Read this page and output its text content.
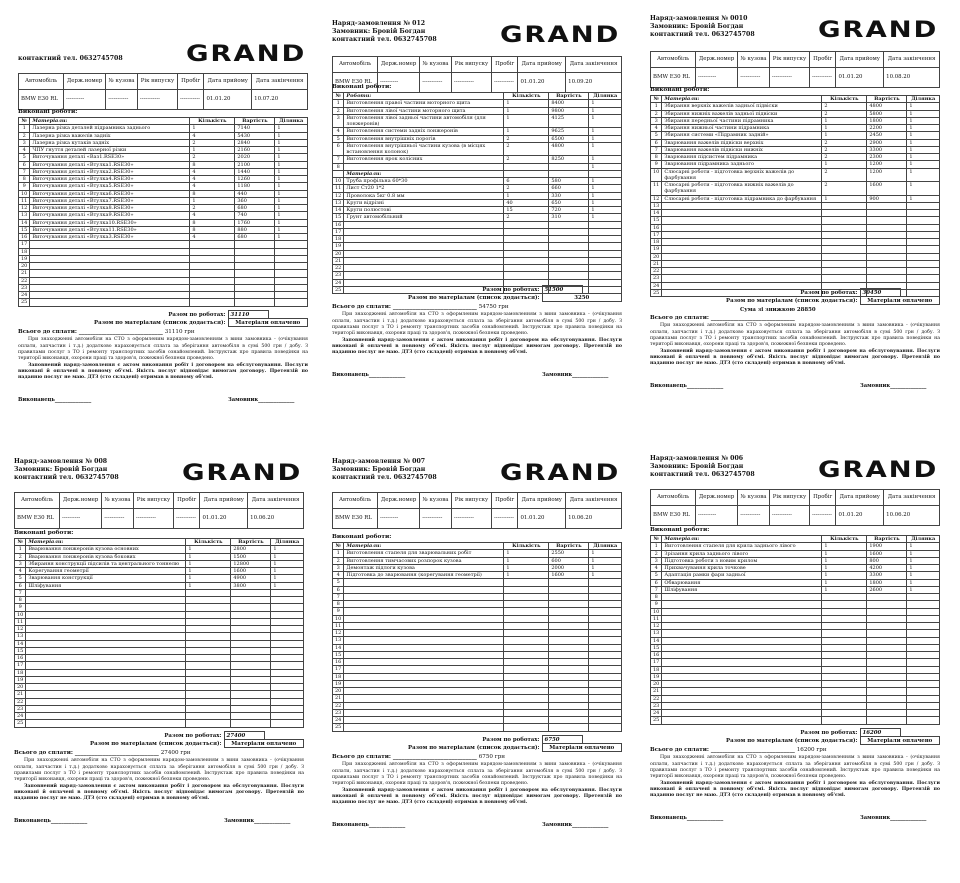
контактний тел. 0632745708	GRAND
Автомобіль	Держ.номер	№ кузова	Рік випуску	Пробіг	Дата прийому	Дата закінчення
BMW E30 RL	----------	-----------	-----------	-----------	01.01.20	10.07.20
Виконані роботи:
№	Матеріали:	Кількість	Вартість	Ділянка
1	Лазерна різка деталей підрамника заднього	1	7140	1
2	Лазерна різка важелів задніх	4	5430	1
3	Лазерна різка кутаків задніх	2	2840	1
4	ЧПУ гнуття деталей лазерної різки	1	2160	1
5	Виточування деталі «Ваз1.RSE30»	2	2020	1
6	Виточування деталі «Втулка1.RSE30»	8	2100	1
7	Виточування деталі «Втулка2.RSE30»	4	1440	1
8	Виточування деталі «Втулка4.RSE30»	4	1260	1
9	Виточування деталі «Втулка5.RSE30»	4	1180	1
10	Виточування деталі «Втулка6.RSE30»	8	440	1
11	Виточування деталі «Втулка7.RSE30»	1	360	1
12	Виточування деталі «Втулка8.RSE30»	2	680	1
13	Виточування деталі «Втулка9.RSE30»	4	740	1
14	Виточування деталі «Втулка10.RSE30»	8	1760	1
15	Виточування деталі «Втулка11.RSE30»	8	880	1
16	Виточування деталі «Втулка3.RSE30»	4	680	1
17				
18				
19				
20				
21				
22				
23				
24				
25				
Разом по роботах:	31110	
Разом по матеріалам (список додається):	Матеріали оплачено	
Всього до сплати: ______________________________ 31110 грн

При знаходженні автомобіля на СТО з оформленим нарядом-замовленням з вини замовника - (очікування оплати, запчастин і т.д.) додатково нараховується сплата за зберігання автомобіля в сумі 500 грн / добу. З правилами послуг з ТО і ремонту транспортних засобів ознайомлений. Інструктаж про правила поведінки на території виконавця, охорони праці та здоров'я, пожежної безпеки проведено.

Заповнений наряд-замовлення є актом виконання робіт і договором на обслуговування. Послуги виконані й оплачені в повному об'ємі. Якість послуг відповідає вимогам договору. Претензій по наданню послуг не маю. ДТЗ (сто складені) отримав в повному об'ємі.

Виконавець______________	Замовник______________
Наряд-замовлення № 012
Замовник: Бровій Богдан
контактний тел. 0632745708	GRAND
Автомобіль	Держ.номер	№ кузова	Рік випуску	Пробіг	Дата прийому	Дата закінчення
BMW E30 RL	----------	-----------	-----------	-----------	01.01.20	10.09.20
Виконані роботи:
№	Роботи:	Кількість	Вартість	Ділянка
1	Виготовлення правої частини моторного щита	1	8400	1
2	Виготовлення лівої частини моторного щита	1	9800	1
3	Виготовлення лівої задньої частини автомобіля (для лонжеронів)	1	4125	1
4	Виготовлення системи задніх лонжеронів	1	9625	1
5	Виготовлення внутрішніх порогів	2	6500	1
6	Виготовлення внутрішньої частини кузова (в місцях встановлення колонок)	2	4800	1
7	Виготовлення ярок колісних	2	8250	1
8				1
	Матеріали:			
10	Труба профільна 60*30	6	580	1
11	Лист Ст20 1*2	2	660	1
12	Проволока 5кг 0.8 мм	1	330	1
13	Круги відрізні	40	650	1
14	Круги полюстові	15	720	1
15	Ґрунт автомобільний	2	310	1
16				
17				
18				
19				
20				
21				
22				
23				
24				
25					Разом по роботах:	51500	
Разом по матеріалам (список додається):	3250	
Всього до сплати: ______________________________ 54750 грн

При знаходженні автомобіля на СТО з оформленим нарядом-замовленням з вини замовника - (очікування оплати, запчастин і т.д.) додатково нараховується сплата за зберігання автомобіля в сумі 500 грн / добу. З правилами послуг з ТО і ремонту транспортних засобів ознайомлений. Інструктаж про правила поведінки на території виконавця, охорони праці та здоров'я, пожежної безпеки проведено.

Заповнений наряд-замовлення є актом виконання робіт і договором на обслуговування. Послуги виконані й оплачені в повному об'ємі. Якість послуг відповідає вимогам договору. Претензій по наданню послуг не маю. ДТЗ (сто складені) отримав в повному об'ємі.

Виконавець______________	Замовник______________
Наряд-замовлення № 0010
Замовник: Бровій Богдан
контактний тел. 0632745708	GRAND
Автомобіль	Держ.номер	№ кузова	Рік випуску	Пробіг	Дата прийому	Дата закінчення
BMW E30 RL	----------	-----------	-----------	-----------	01.01.20	10.08.20
Виконані роботи:
№	Матеріали:	Кількість	Вартість	Ділянка
1	Збирання верхніх важелів задньої підвіски	2	4800	1
2	Збирання нижніх важелів задньої підвіски	2	5800	1
3	Збирання передньої частини підрамника	1	1800	1
4	Збирання нижньої частини підрамника	1	2200	1
5	Збирання системи «Підрамник задній»	1	2450	1
6	Зварювання важелів підвіски верхніх	2	2900	1
7	Зварювання важелів підвіски нижніх	2	3300	1
8	Зварювання підсистем підрамника	2	2300	1
9	Зварювання підрамника заднього	1	1200	1
10	Слюсарні роботи - підготовка верхніх важелів до фарбування	2	1200	1
11	Слюсарні роботи - підготовка нижніх важелів до фарбування	2	1600	1
12	Слюсарні роботи - підготовка підрамника до фарбування	1	900	1
13				
14				
15				
16				
17				
18				
19				
20				
21				
22				
23				
24				
25					Разом по роботах:	30450	
Разом по матеріалам (список додається):	Матеріали оплачено	
Сума зі знижкою 28850
Всього до сплати: ______________________________

При знаходженні автомобіля на СТО з оформленим нарядом-замовленням з вини замовника - (очікування оплати, запчастин і т.д.) додатково нараховується сплата за зберігання автомобіля в сумі 500 грн / добу. З правилами послуг з ТО і ремонту транспортних засобів ознайомлений. Інструктаж про правила поведінки на території виконавця, охорони праці та здоров'я, пожежної безпеки проведено.

Заповнений наряд-замовлення є актом виконання робіт і договором на обслуговування. Послуги виконані й оплачені в повному об'ємі. Якість послуг відповідає вимогам договору. Претензій по наданню послуг не маю. ДТЗ (сто складені) отримав в повному об'ємі.

Виконавець______________	Замовник______________
Наряд-замовлення № 008
Замовник: Бровій Богдан
контактний тел. 0632745708	GRAND
Автомобіль	Держ.номер	№ кузова	Рік випуску	Пробіг	Дата прийому	Дата закінчення
BMW E30 RL	----------	-----------	-----------	-----------	01.01.20	10.06.20
Виконані роботи:
№	Матеріали:	Кількість	Вартість	Ділянка
1	Вварювання лонжеронів кузова основних	1	2800	1
2	Вварювання лонжеронів кузова бокових	1	1500	1
3	Збирання конструкції підсилів та центрального тоннелю	1	12800	1
4	Корегування геометрії	1	1600	1
5	Зварювання конструкції	1	4900	1
6	Шліфування	1	3800	1
7				
8				
9				
10				
11				
12				
13				
14				
15				
16				
17				
18				
19				
20				
21				
22				
23				
24				
25				
Разом по роботах:	27400	
Разом по матеріалам (список додається):	Матеріали оплачено	
Всього до сплати: ______________________________ 27400 грн

При знаходженні автомобіля на СТО з оформленим нарядом-замовленням з вини замовника - (очікування оплати, запчастин і т.д.) додатково нараховується сплата за зберігання автомобіля в сумі 500 грн / добу. З правилами послуг з ТО і ремонту транспортних засобів ознайомлений. Інструктаж про правила поведінки на території виконавця, охорони праці та здоров'я, пожежної безпеки проведено.

Заповнений наряд-замовлення є актом виконання робіт і договором на обслуговування. Послуги виконані й оплачені в повному об'ємі. Якість послуг відповідає вимогам договору. Претензій по наданню послуг не маю. ДТЗ (сто складені) отримав в повному об'ємі.

Виконавець______________	Замовник______________
Наряд-замовлення № 007
Замовник: Бровій Богдан
контактний тел. 0632745708	GRAND
Автомобіль	Держ.номер	№ кузова	Рік випуску	Пробіг	Дата прийому	Дата закінчення
BMW E30 RL	----------	-----------	-----------	-----------	01.01.20	10.06.20
Виконані роботи:
№	Матеріали:	Кількість	Вартість	Ділянка
1	Виготовлення стапеля для зварювальних робіт	1	2550	1
2	Виготовлення тимчасових розпорок кузова	1	600	1
3	Демонтаж підлоги кузова	1	2000	1
4	Підготовка до зварювання (корегування геометрії)	1	1600	1
5				
6				
7				
8				
9				
10				
11				
12				
13				
14				
15				
16				
17				
18				
19				
20				
21				
22				
23				
24				
25				
Разом по роботах:	6750	
Разом по матеріалам (список додається):	Матеріали оплачено	
Всього до сплати: ______________________________ 6750 грн

При знаходженні автомобіля на СТО з оформленим нарядом-замовленням з вини замовника - (очікування оплати, запчастин і т.д.) додатково нараховується сплата за зберігання автомобіля в сумі 500 грн / добу. З правилами послуг з ТО і ремонту транспортних засобів ознайомлений. Інструктаж про правила поведінки на території виконавця, охорони праці та здоров'я, пожежної безпеки проведено.

Заповнений наряд-замовлення є актом виконання робіт і договором на обслуговування. Послуги виконані й оплачені в повному об'ємі. Якість послуг відповідає вимогам договору. Претензій по наданню послуг не маю. ДТЗ (сто складені) отримав в повному об'ємі.

Виконавець______________	Замовник______________
Наряд-замовлення № 006
Замовник: Бровій Богдан
контактний тел. 0632745708	GRAND
Автомобіль	Держ.номер	№ кузова	Рік випуску	Пробіг	Дата прийому	Дата закінчення
BMW E30 RL	----------	-----------	-----------	-----------	01.01.20	10.06.20
Виконані роботи:
№	Матеріали:	Кількість	Вартість	Ділянка
1	Виготовлення стапеля для крила заднього лівого	1	1900	1
2	Зрізання крила заднього лівого	1	1600	1
3	Підготовка роботи з новим крилом	1	800	1
4	Прихвачування крила точкове	1	4200	1
5	Адаптація рамки фари задньої	1	3300	1
6	Обварювання	1	1800	1
7	Шліфування	1	2600	1
8				
9				
10				
11				
12				
13				
14				
15				
16				
17				
18				
19				
20				
21				
22				
23				
24				
25				
Разом по роботах:	16200	
Разом по матеріалам (список додається):	Матеріали оплачено	
Всього до сплати: ______________________________ 16200 грн

При знаходженні автомобіля на СТО з оформленим нарядом-замовленням з вини замовника - (очікування оплати, запчастин і т.д.) додатково нараховується сплата за зберігання автомобіля в сумі 500 грн / добу. З правилами послуг з ТО і ремонту транспортних засобів ознайомлений. Інструктаж про правила поведінки на території виконавця, охорони праці та здоров'я, пожежної безпеки проведено.

Заповнений наряд-замовлення є актом виконання робіт і договором на обслуговування. Послуги виконані й оплачені в повному об'ємі. Якість послуг відповідає вимогам договору. Претензій по наданню послуг не маю. ДТЗ (сто складені) отримав в повному об'ємі.

Виконавець______________	Замовник______________
